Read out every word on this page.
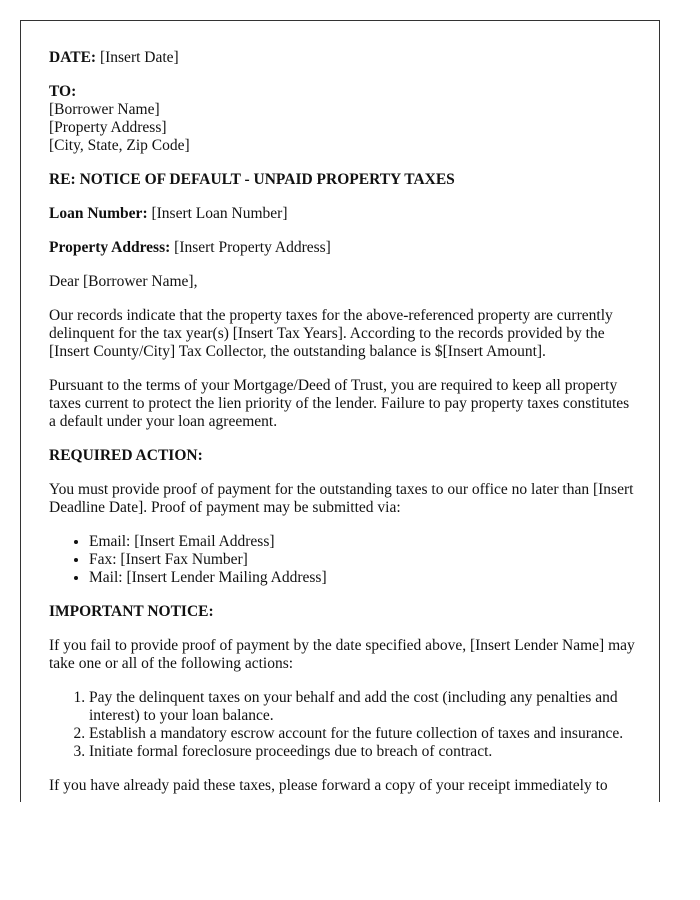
DATE: [Insert Date]

TO:
[Borrower Name]
[Property Address]
[City, State, Zip Code]

RE: NOTICE OF DEFAULT - UNPAID PROPERTY TAXES

Loan Number: [Insert Loan Number]

Property Address: [Insert Property Address]

Dear [Borrower Name],

Our records indicate that the property taxes for the above-referenced property are currently delinquent for the tax year(s) [Insert Tax Years]. According to the records provided by the [Insert County/City] Tax Collector, the outstanding balance is $[Insert Amount].

Pursuant to the terms of your Mortgage/Deed of Trust, you are required to keep all property taxes current to protect the lien priority of the lender. Failure to pay property taxes constitutes a default under your loan agreement.

REQUIRED ACTION:

You must provide proof of payment for the outstanding taxes to our office no later than [Insert Deadline Date]. Proof of payment may be submitted via:

• Email: [Insert Email Address]
• Fax: [Insert Fax Number]
• Mail: [Insert Lender Mailing Address]

IMPORTANT NOTICE:

If you fail to provide proof of payment by the date specified above, [Insert Lender Name] may take one or all of the following actions:

1. Pay the delinquent taxes on your behalf and add the cost (including any penalties and interest) to your loan balance.
2. Establish a mandatory escrow account for the future collection of taxes and insurance.
3. Initiate formal foreclosure proceedings due to breach of contract.

If you have already paid these taxes, please forward a copy of your receipt immediately to
